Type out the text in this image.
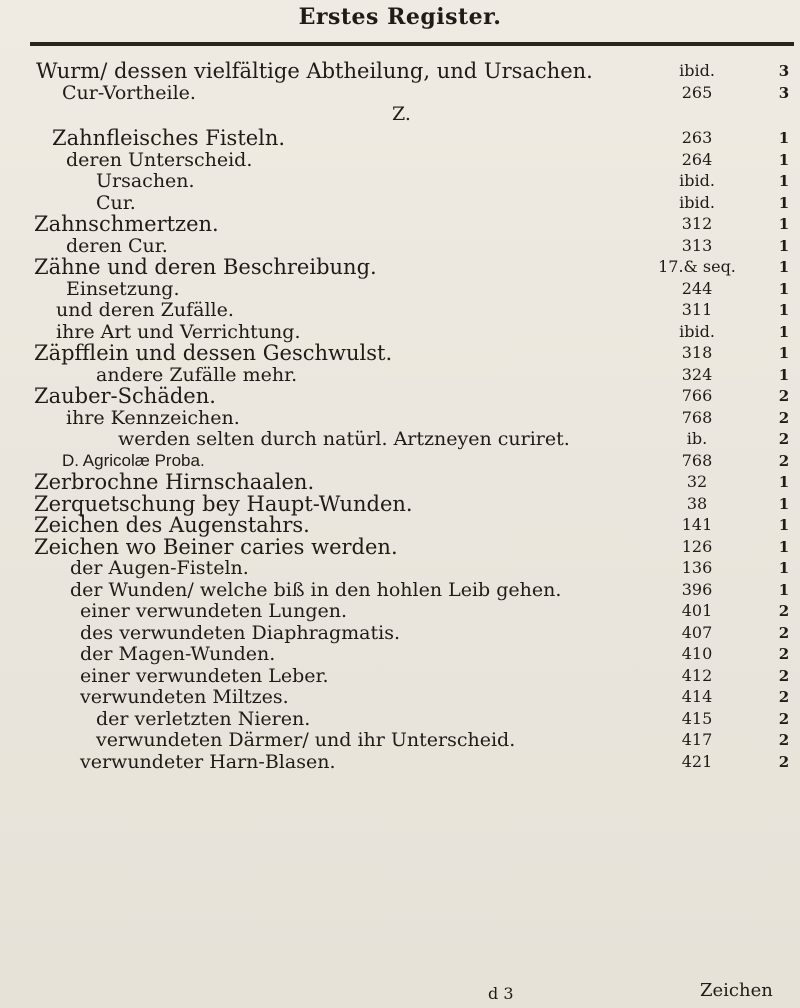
Erstes Register.
Wurm/ dessen vielfältige Abtheilung, und Ursachen.	ibid.	3
Cur-Vortheile.	265	3
Z.
Zahnfleisches Fisteln.	263	1
deren Unterscheid.	264	1
Ursachen.	ibid.	1
Cur.	ibid.	1
Zahnschmertzen.	312	1
deren Cur.	313	1
Zähne und deren Beschreibung.	17.& seq.	1
Einsetzung.	244	1
und deren Zufälle.	311	1
ihre Art und Verrichtung.	ibid.	1
Zäpfflein und dessen Geschwulst.	318	1
andere Zufälle mehr.	324	1
Zauber-Schäden.	766	2
ihre Kennzeichen.	768	2
werden selten durch natürl. Artzneyen curiret.	ib.	2
D. Agricolæ Proba.	768	2
Zerbrochne Hirnschaalen.	32	1
Zerquetschung bey Haupt-Wunden.	38	1
Zeichen des Augenstahrs.	141	1
Zeichen wo Beiner caries werden.	126	1
der Augen-Fisteln.	136	1
der Wunden/ welche biß in den hohlen Leib gehen.	396	1
einer verwundeten Lungen.	401	2
des verwundeten Diaphragmatis.	407	2
der Magen-Wunden.	410	2
einer verwundeten Leber.	412	2
verwundeten Miltzes.	414	2
der verletzten Nieren.	415	2
verwundeten Därmer/ und ihr Unterscheid.	417	2
verwundeter Harn-Blasen.	421	2
d 3	Zeichen
